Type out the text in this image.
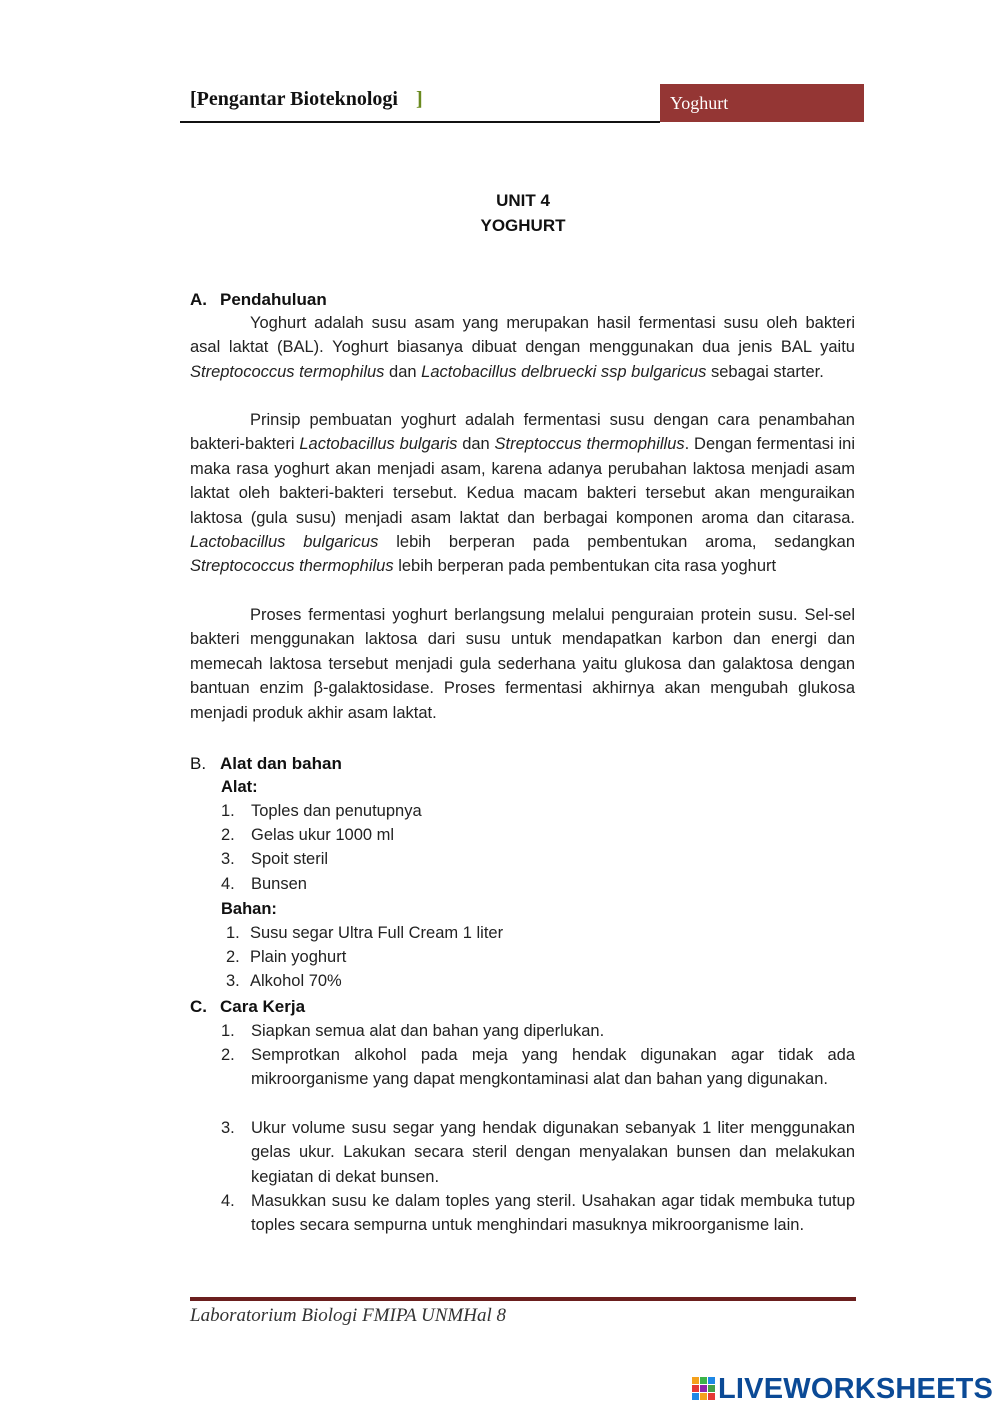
[Pengantar Bioteknologi ]	Yoghurt
UNIT 4
YOGHURT
A. Pendahuluan
Yoghurt adalah susu asam yang merupakan hasil fermentasi susu oleh bakteri asal laktat (BAL). Yoghurt biasanya dibuat dengan menggunakan dua jenis BAL yaitu Streptococcus termophilus dan Lactobacillus delbruecki ssp bulgaricus sebagai starter.
Prinsip pembuatan yoghurt adalah fermentasi susu dengan cara penambahan bakteri-bakteri Lactobacillus bulgaris dan Streptoccus thermophillus. Dengan fermentasi ini maka rasa yoghurt akan menjadi asam, karena adanya perubahan laktosa menjadi asam laktat oleh bakteri-bakteri tersebut. Kedua macam bakteri tersebut akan menguraikan laktosa (gula susu) menjadi asam laktat dan berbagai komponen aroma dan citarasa. Lactobacillus bulgaricus lebih berperan pada pembentukan aroma, sedangkan Streptococcus thermophilus lebih berperan pada pembentukan cita rasa yoghurt
Proses fermentasi yoghurt berlangsung melalui penguraian protein susu. Sel-sel bakteri menggunakan laktosa dari susu untuk mendapatkan karbon dan energi dan memecah laktosa tersebut menjadi gula sederhana yaitu glukosa dan galaktosa dengan bantuan enzim β-galaktosidase. Proses fermentasi akhirnya akan mengubah glukosa menjadi produk akhir asam laktat.
B. Alat dan bahan
Alat:
1. Toples dan penutupnya
2. Gelas ukur 1000 ml
3. Spoit steril
4. Bunsen
Bahan:
1. Susu segar Ultra Full Cream 1 liter
2. Plain yoghurt
3. Alkohol 70%
C. Cara Kerja
1. Siapkan semua alat dan bahan yang diperlukan.
2. Semprotkan alkohol pada meja yang hendak digunakan agar tidak ada mikroorganisme yang dapat mengkontaminasi alat dan bahan yang digunakan.
3. Ukur volume susu segar yang hendak digunakan sebanyak 1 liter menggunakan gelas ukur. Lakukan secara steril dengan menyalakan bunsen dan melakukan kegiatan di dekat bunsen.
4. Masukkan susu ke dalam toples yang steril. Usahakan agar tidak membuka tutup toples secara sempurna untuk menghindari masuknya mikroorganisme lain.
Laboratorium Biologi FMIPA UNMHal 8
LIVEWORKSHEETS
